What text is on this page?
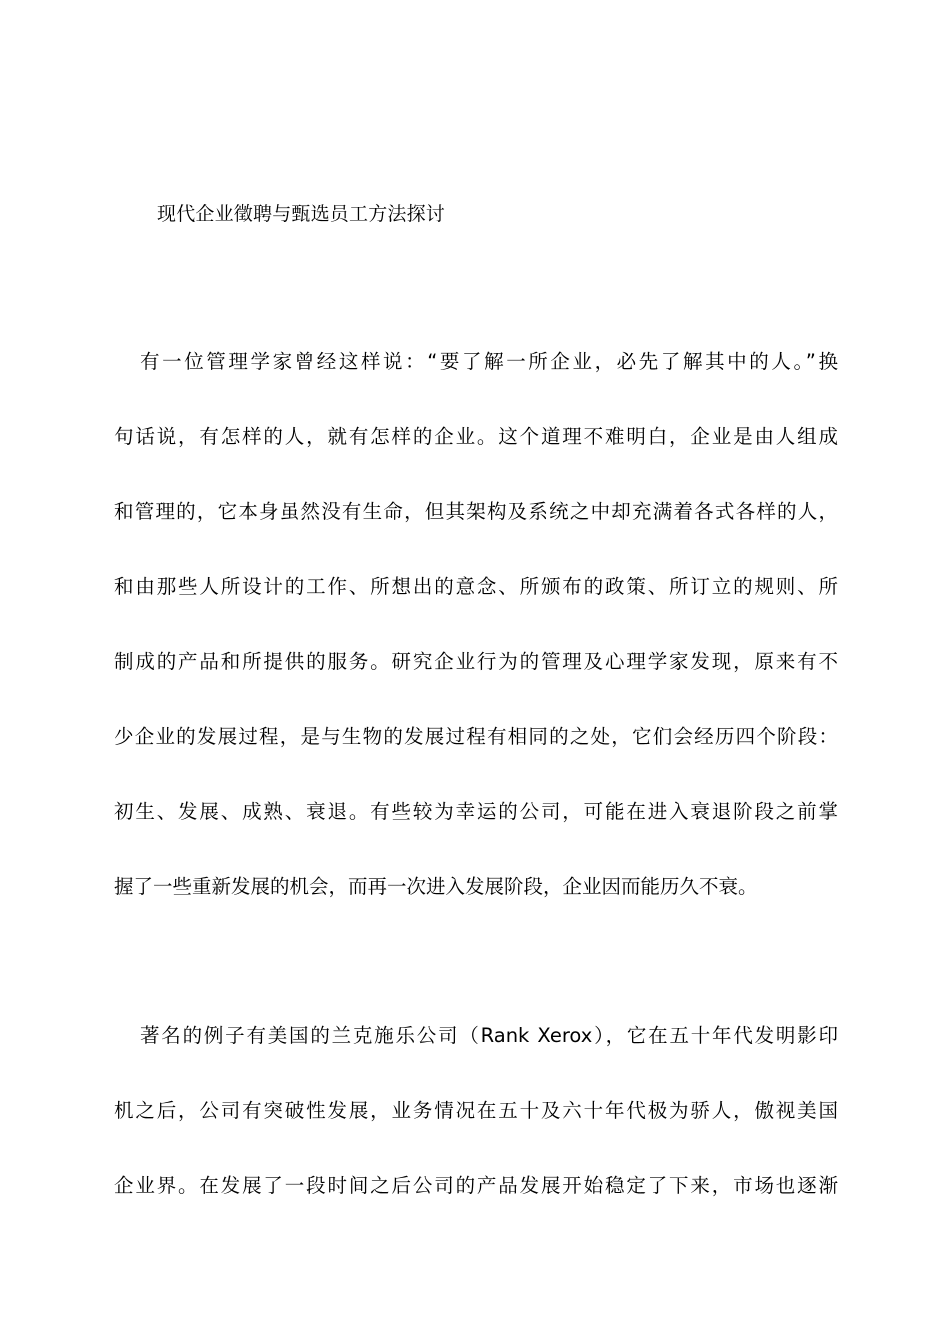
现代企业徵聘与甄选员工方法探讨
有一位管理学家曾经这样说：“要了解一所企业，必先了解其中的人。”换
句话说，有怎样的人，就有怎样的企业。这个道理不难明白，企业是由人组成
和管理的，它本身虽然没有生命，但其架构及系统之中却充满着各式各样的人，
和由那些人所设计的工作、所想出的意念、所颁布的政策、所订立的规则、所
制成的产品和所提供的服务。研究企业行为的管理及心理学家发现，原来有不
少企业的发展过程，是与生物的发展过程有相同的之处，它们会经历四个阶段：
初生、发展、成熟、衰退。有些较为幸运的公司，可能在进入衰退阶段之前掌
握了一些重新发展的机会，而再一次进入发展阶段，企业因而能历久不衰。
著名的例子有美国的兰克施乐公司（Rank Xerox），它在五十年代发明影印
机之后，公司有突破性发展，业务情况在五十及六十年代极为骄人，傲视美国
企业界。在发展了一段时间之后公司的产品发展开始稳定了下来，市场也逐渐
